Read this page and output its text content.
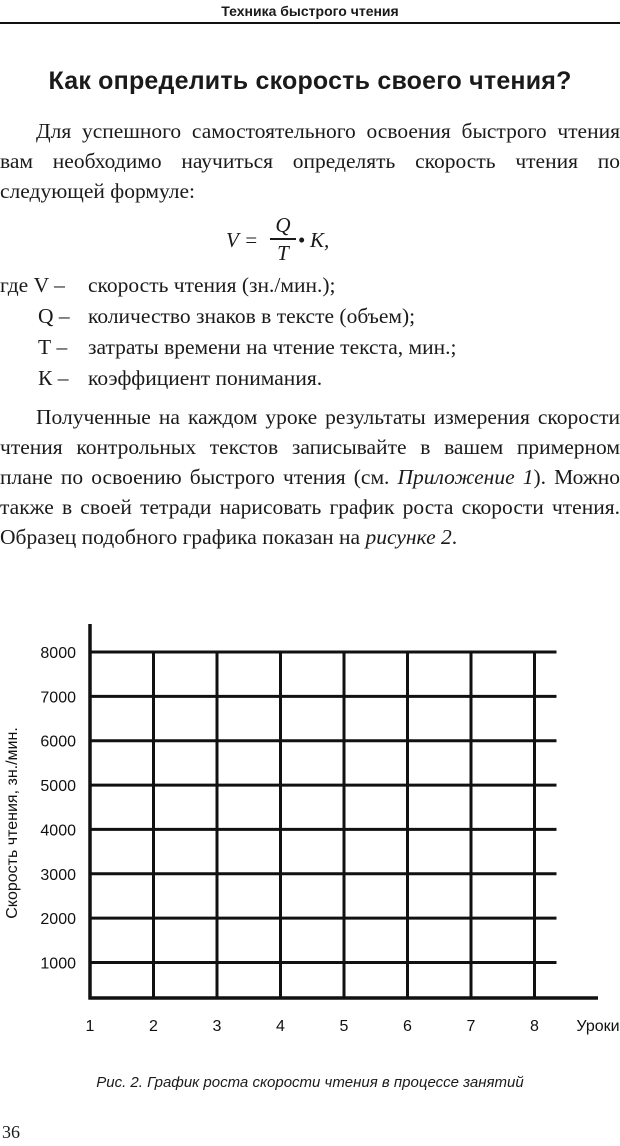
Техника быстрого чтения
Как определить скорость своего чтения?
Для успешного самостоятельного освоения быстрого чтения вам необходимо научиться определять скорость чтения по следующей формуле:
V =
Q
T
• К,
где V – скорость чтения (зн./мин.);
Q – количество знаков в тексте (объем);
Т – затраты времени на чтение текста, мин.;
К – коэффициент понимания.
Полученные на каждом уроке результаты измерения скорости чтения контрольных текстов записывайте в вашем примерном плане по освоению быстрого чтения (см. Приложение 1). Можно также в своей тетради нарисовать график роста скорости чтения. Образец подобного графика показан на рисунке 2.
1000
2000
3000
4000
5000
6000
7000
8000
1	2	3	4	5	6	7	8 Уроки
Скорость чтения, зн./мин.
Рис. 2. График роста скорости чтения в процессе занятий
36
